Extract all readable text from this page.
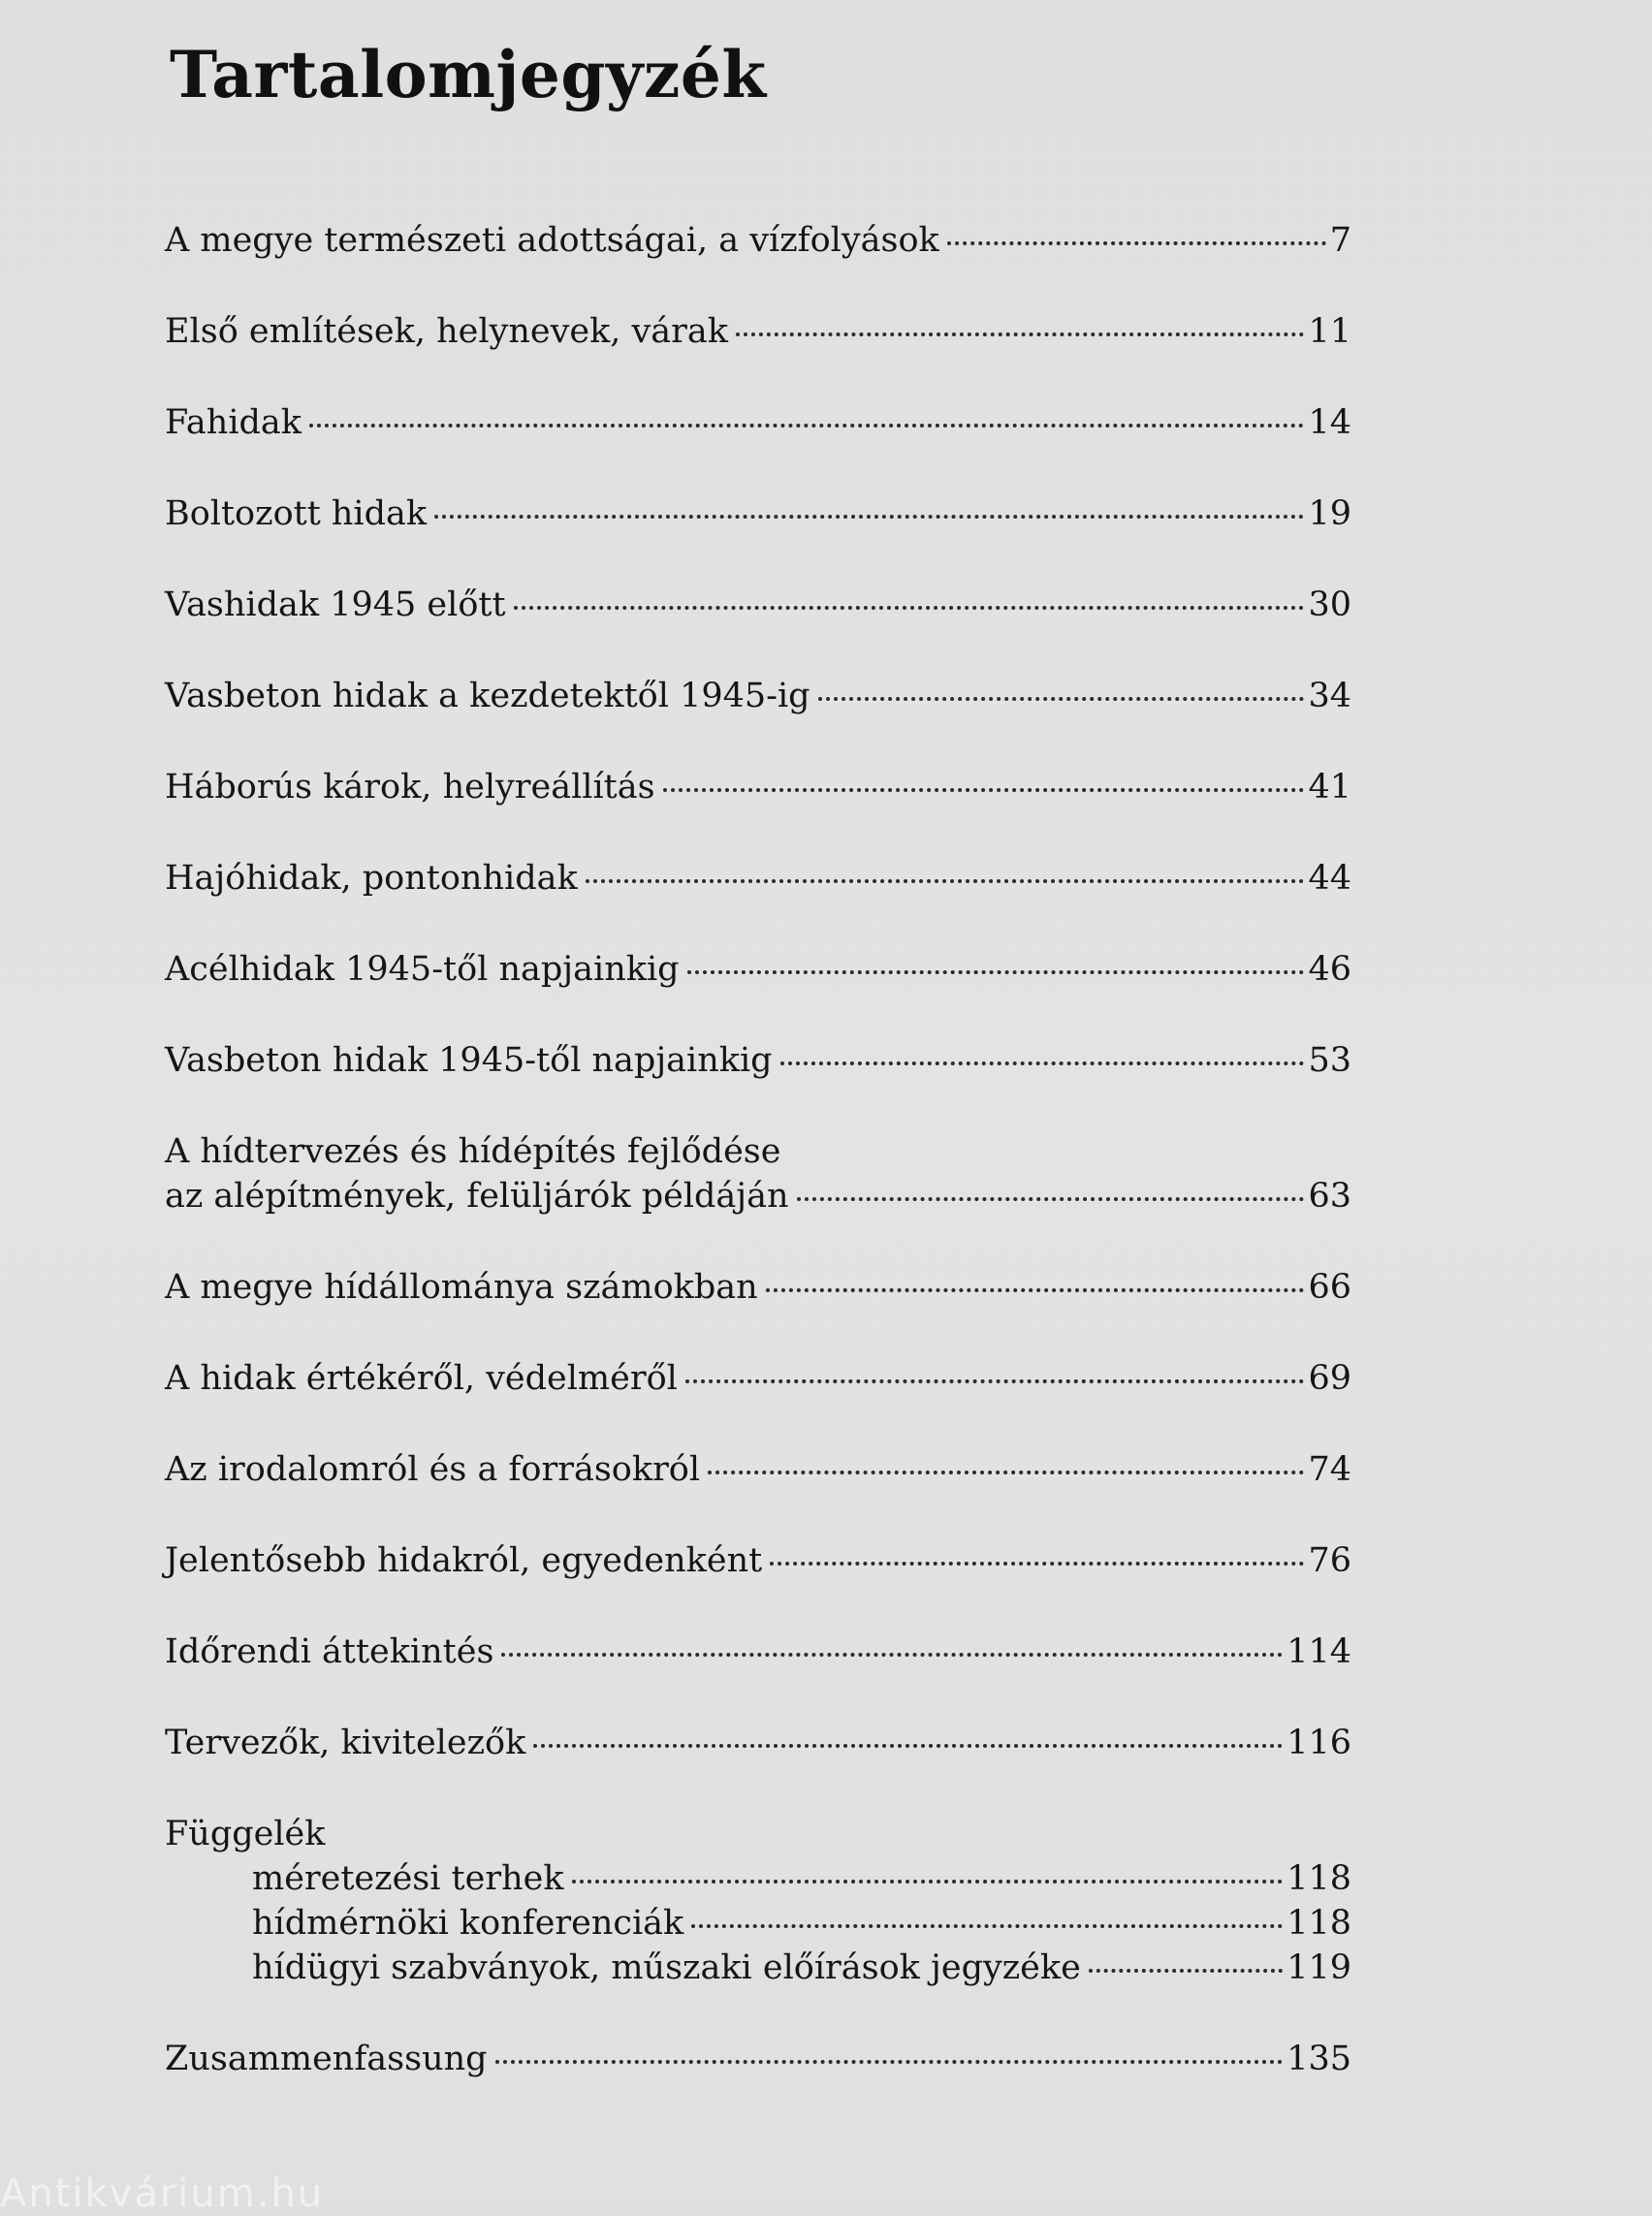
Tartalomjegyzék
A megye természeti adottságai, a vízfolyások	7
Első említések, helynevek, várak	11
Fahidak	14
Boltozott hidak	19
Vashidak 1945 előtt	30
Vasbeton hidak a kezdetektől 1945-ig	34
Háborús károk, helyreállítás	41
Hajóhidak, pontonhidak	44
Acélhidak 1945-től napjainkig	46
Vasbeton hidak 1945-től napjainkig	53
A hídtervezés és hídépítés fejlődése
az alépítmények, felüljárók példáján	63
A megye hídállománya számokban	66
A hidak értékéről, védelméről	69
Az irodalomról és a forrásokról	74
Jelentősebb hidakról, egyedenként	76
Időrendi áttekintés	114
Tervezők, kivitelezők	116
Függelék
méretezési terhek	118
hídmérnöki konferenciák	118
hídügyi szabványok, műszaki előírások jegyzéke	119
Zusammenfassung	135
Antikvárium.hu
